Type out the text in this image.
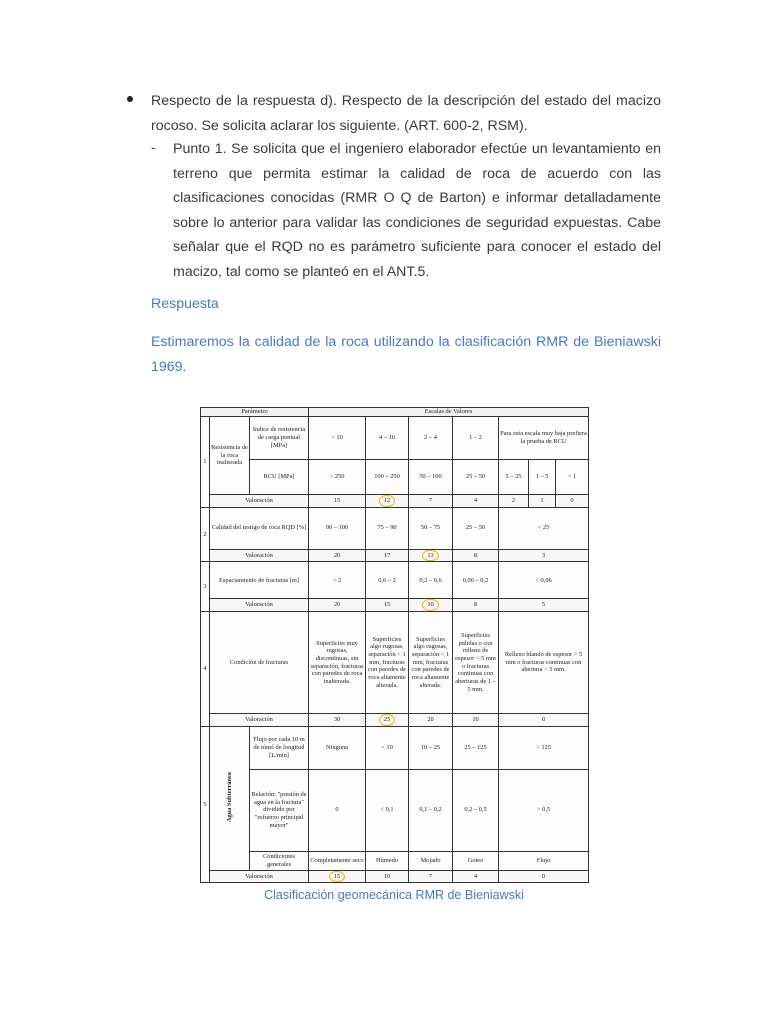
Respecto de la respuesta d). Respecto de la descripción del estado del macizo rocoso. Se solicita aclarar los siguiente. (ART. 600-2, RSM).
- Punto 1. Se solicita que el ingeniero elaborador efectúe un levantamiento en terreno que permita estimar la calidad de roca de acuerdo con las clasificaciones conocidas (RMR O Q de Barton) e informar detalladamente sobre lo anterior para validar las condiciones de seguridad expuestas. Cabe señalar que el RQD no es parámetro suficiente para conocer el estado del macizo, tal como se planteó en el ANT.5.
Respuesta
Estimaremos la calidad de la roca utilizando la clasificación RMR de Bieniawski 1969.
Parámetro			Escalas de Valores						
1	Resistencia de la roca inalterada	Índice de resistencia de carga puntual [MPa]	> 10	4 – 10	2 – 4	1 – 2	Para esta escala muy baja prefiera la prueba de RCU		
		RCU [MPa]	> 250	100 – 250	50 – 100	25 – 50	5 – 25	1 – 5	< 1
	Valoración		15	12	7	4	2	1	0
2	Calidad del testigo de roca RQD [%]		90 – 100	75 – 90	50 – 75	25 – 50	< 25		
	Valoración		20	17	13	8	3		
3	Espaciamiento de fracturas [m]		> 2	0,6 – 2	0,2 – 0,6	0,06 – 0,2	< 0,06		
	Valoración		20	15	10	8	5		
4	Condición de fracturas		Superficies muy rugosas, discontinuas, sin separación, fracturas con paredes de roca inalterada.	Superficies algo rugosas, separación < 1 mm, fracturas con paredes de roca altamente alterada.	Superficies algo rugosas, separación < 1 mm, fracturas con paredes de roca altamente alterada.	Superficies pulidas o con relleno de espesor < 5 mm o fracturas continuas con aberturas de 1 – 5 mm.	Relleno blando de espesor > 5 mm o fracturas continuas con abertura > 5 mm.		
	Valoración		30	25	20	10	0		
5	Agua Subterránea	Flujo por cada 10 m de túnel de longitud [L/min]	Ninguna	< 10	10 – 25	25 – 125	> 125		
		Relación: "presión de agua en la fractura" dividido por "esfuerzo principal mayor"	0	< 0,1	0,1 – 0,2	0,2 – 0,5	> 0,5		
		Condiciones generales	Completamente seco	Húmedo	Mojado	Goteo	Flujo		
	Valoración		15	10	7	4	0		
Clasificación geomecánica RMR de Bieniawski
